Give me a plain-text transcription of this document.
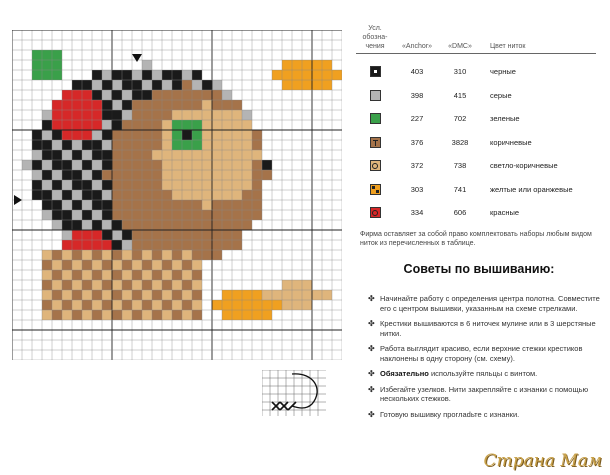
Усл. обозна-чения	«Anchor»	«DMC»	Цвет ниток
403	310	черные
398	415	серые
227	702	зеленые
376	3828	коричневые
372	738	светло-коричневые
303	741	желтые или оранжевые
334	606	красные
Фирма оставляет за собой право комплектовать наборы любым видом ниток из перечисленных в таблице.
Советы по вышиванию:
✤ Начинайте работу с определения центра полотна. Совместите его с центром вышивки, указанным на схеме стрелками.
✤ Крестики вышиваются в 6 ниточек мулине или в 3 шерстяные нитки.
✤ Работа выглядит красиво, если верхние стежки крестиков наклонены в одну сторону (см. схему).
✤ Обязательно используйте пяльцы с винтом.
✤ Избегайте узелков. Нити закрепляйте с изнанки с помощью нескольких стежков.
✤ Готовую вышивку проглadьте с изнанки.
Страна Мам
